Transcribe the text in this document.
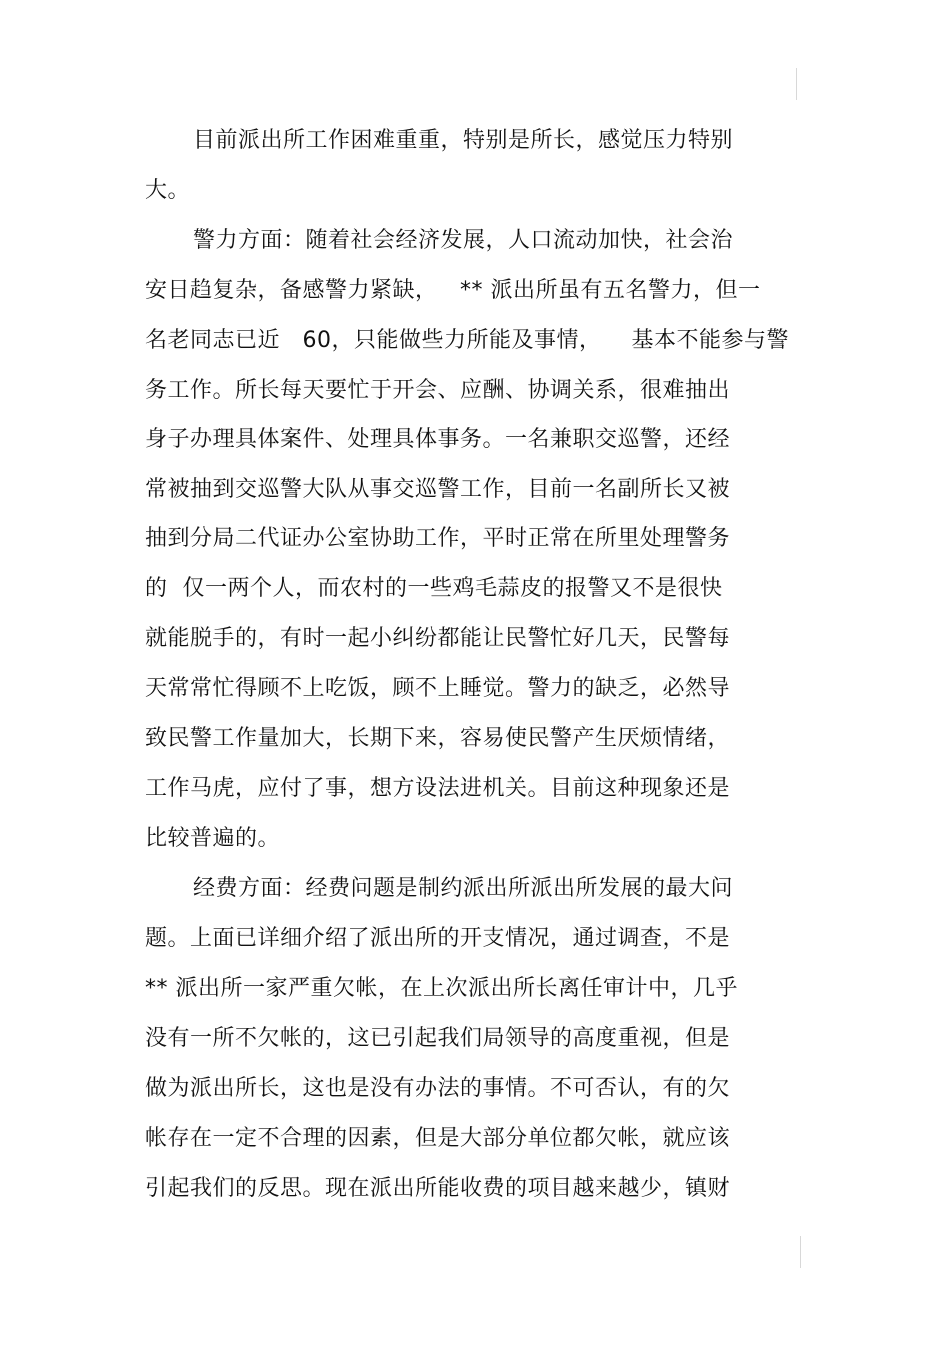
目前派出所工作困难重重，特别是所长，感觉压力特别
大。
警力方面：随着社会经济发展，人口流动加快，社会治
安日趋复杂，备感警力紧缺，   ** 派出所虽有五名警力，但一
名老同志已近   60，只能做些力所能及事情，    基本不能参与警
务工作。所长每天要忙于开会、应酬、协调关系，很难抽出
身子办理具体案件、处理具体事务。一名兼职交巡警，还经
常被抽到交巡警大队从事交巡警工作，目前一名副所长又被
抽到分局二代证办公室协助工作，平时正常在所里处理警务
的  仅一两个人，而农村的一些鸡毛蒜皮的报警又不是很快
就能脱手的，有时一起小纠纷都能让民警忙好几天，民警每
天常常忙得顾不上吃饭，顾不上睡觉。警力的缺乏，必然导
致民警工作量加大，长期下来，容易使民警产生厌烦情绪，
工作马虎，应付了事，想方设法进机关。目前这种现象还是
比较普遍的。
经费方面：经费问题是制约派出所派出所发展的最大问
题。上面已详细介绍了派出所的开支情况，通过调查，不是
** 派出所一家严重欠帐，在上次派出所长离任审计中，几乎
没有一所不欠帐的，这已引起我们局领导的高度重视，但是
做为派出所长，这也是没有办法的事情。不可否认，有的欠
帐存在一定不合理的因素，但是大部分单位都欠帐，就应该
引起我们的反思。现在派出所能收费的项目越来越少，镇财
